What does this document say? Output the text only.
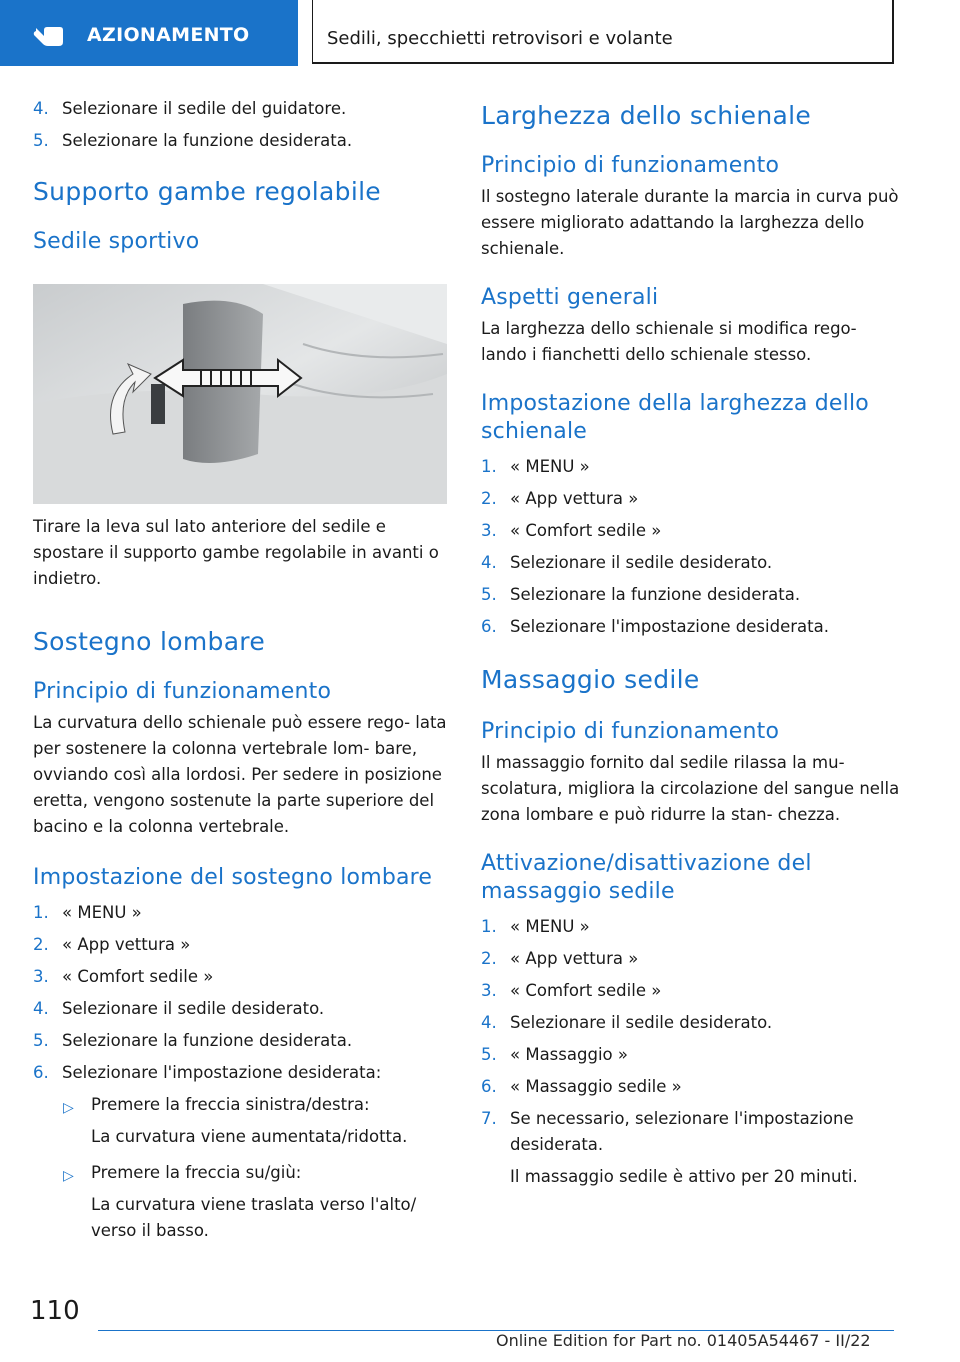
AZIONAMENTO	Sedili, specchietti retrovisori e volante
4. Selezionare il sedile del guidatore.
5. Selezionare la funzione desiderata.
Supporto gambe regolabile
Sedile sportivo

Tirare la leva sul lato anteriore del sedile e spostare il supporto gambe regolabile in avanti o indietro.

Sostegno lombare
Principio di funzionamento

La curvatura dello schienale può essere rego‐ lata per sostenere la colonna vertebrale lom‐ bare, ovviando così alla lordosi. Per sedere in posizione eretta, vengono sostenute la parte superiore del bacino e la colonna vertebrale.

Impostazione del sostegno lombare
1. « MENU »
2. « App vettura »
3. « Comfort sedile »
4. Selezionare il sedile desiderato.
5. Selezionare la funzione desiderata.
6. Selezionare l'impostazione desiderata:
▷ Premere la freccia sinistra/destra:
La curvatura viene aumentata/ridotta.
▷ Premere la freccia su/giù:
La curvatura viene traslata verso l'alto/ verso il basso.
Larghezza dello schienale
Principio di funzionamento

Il sostegno laterale durante la marcia in curva può essere migliorato adattando la larghezza dello schienale.

Aspetti generali

La larghezza dello schienale si modifica rego‐ lando i fianchetti dello schienale stesso.

Impostazione della larghezza dello schienale
1. « MENU »
2. « App vettura »
3. « Comfort sedile »
4. Selezionare il sedile desiderato.
5. Selezionare la funzione desiderata.
6. Selezionare l'impostazione desiderata.
Massaggio sedile
Principio di funzionamento

Il massaggio fornito dal sedile rilassa la mu‐ scolatura, migliora la circolazione del sangue nella zona lombare e può ridurre la stan‐ chezza.

Attivazione/disattivazione del massaggio sedile
1. « MENU »
2. « App vettura »
3. « Comfort sedile »
4. Selezionare il sedile desiderato.
5. « Massaggio »
6. « Massaggio sedile »
7. Se necessario, selezionare l'impostazione desiderata.
Il massaggio sedile è attivo per 20 minuti.
110
Online Edition for Part no. 01405A54467 - II/22
